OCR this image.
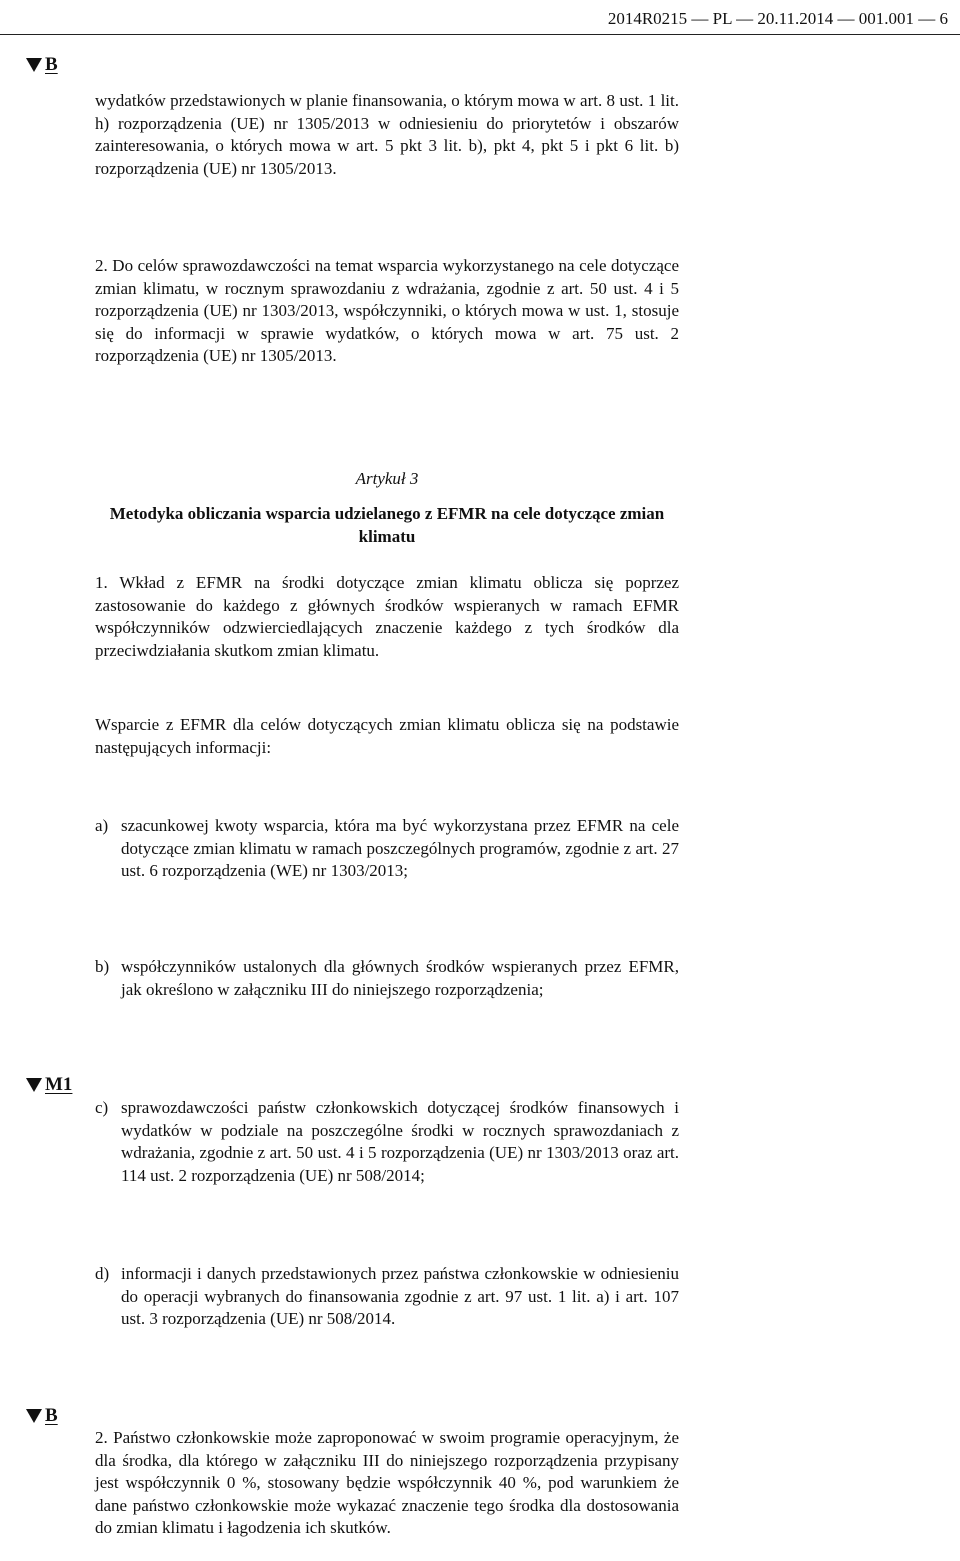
2014R0215 — PL — 20.11.2014 — 001.001 — 6
B

wydatków przedstawionych w planie finansowania, o którym mowa w art. 8 ust. 1 lit. h) rozporządzenia (UE) nr 1305/2013 w odniesieniu do priorytetów i obszarów zainteresowania, o których mowa w art. 5 pkt 3 lit. b), pkt 4, pkt 5 i pkt 6 lit. b) rozporządzenia (UE) nr 1305/2013.

2. Do celów sprawozdawczości na temat wsparcia wykorzystanego na cele dotyczące zmian klimatu, w rocznym sprawozdaniu z wdrażania, zgodnie z art. 50 ust. 4 i 5 rozporządzenia (UE) nr 1303/2013, współczynniki, o których mowa w ust. 1, stosuje się do informacji w sprawie wydatków, o których mowa w art. 75 ust. 2 rozporządzenia (UE) nr 1305/2013.

Artykuł 3
Metodyka obliczania wsparcia udzielanego z EFMR na cele dotyczące zmian klimatu

1. Wkład z EFMR na środki dotyczące zmian klimatu oblicza się poprzez zastosowanie do każdego z głównych środków wspieranych w ramach EFMR współczynników odzwierciedlających znaczenie każdego z tych środków dla przeciwdziałania skutkom zmian klimatu.

Wsparcie z EFMR dla celów dotyczących zmian klimatu oblicza się na podstawie następujących informacji:

a) szacunkowej kwoty wsparcia, która ma być wykorzystana przez EFMR na cele dotyczące zmian klimatu w ramach poszczególnych programów, zgodnie z art. 27 ust. 6 rozporządzenia (WE) nr 1303/2013;

b) współczynników ustalonych dla głównych środków wspieranych przez EFMR, jak określono w załączniku III do niniejszego rozporządzenia;

M1
c) sprawozdawczości państw członkowskich dotyczącej środków finansowych i wydatków w podziale na poszczególne środki w rocznych sprawozdaniach z wdrażania, zgodnie z art. 50 ust. 4 i 5 rozporządzenia (UE) nr 1303/2013 oraz art. 114 ust. 2 rozporządzenia (UE) nr 508/2014;

d) informacji i danych przedstawionych przez państwa członkowskie w odniesieniu do operacji wybranych do finansowania zgodnie z art. 97 ust. 1 lit. a) i art. 107 ust. 3 rozporządzenia (UE) nr 508/2014.

B

2. Państwo członkowskie może zaproponować w swoim programie operacyjnym, że dla środka, dla którego w załączniku III do niniejszego rozporządzenia przypisany jest współczynnik 0 %, stosowany będzie współczynnik 40 %, pod warunkiem że dane państwo członkowskie może wykazać znaczenie tego środka dla dostosowania do zmian klimatu i łagodzenia ich skutków.
